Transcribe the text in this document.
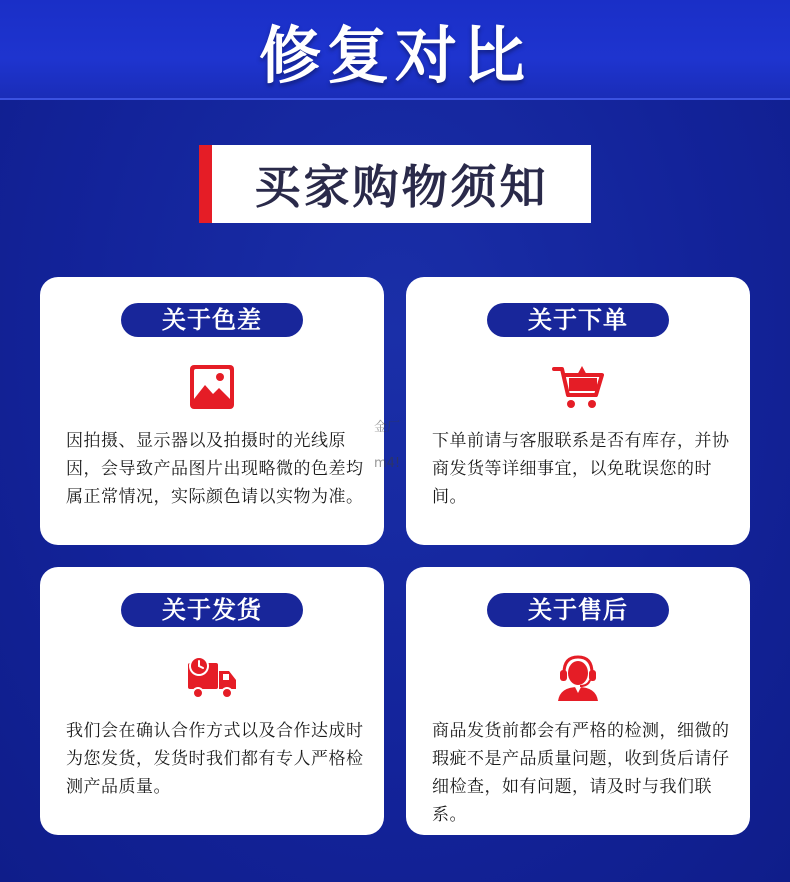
修复对比
买家购物须知
关于色差
因拍摄、显示器以及拍摄时的光线原因，会导致产品图片出现略微的色差均属正常情况，实际颜色请以实物为准。
关于下单
下单前请与客服联系是否有库存，并协商发货等详细事宜，以免耽误您的时间。
关于发货
我们会在确认合作方式以及合作达成时为您发货，发货时我们都有专人严格检测产品质量。
关于售后
商品发货前都会有严格的检测，细微的瑕疵不是产品质量问题，收到货后请仔细检查，如有问题，请及时与我们联系。
金厂
m4!
